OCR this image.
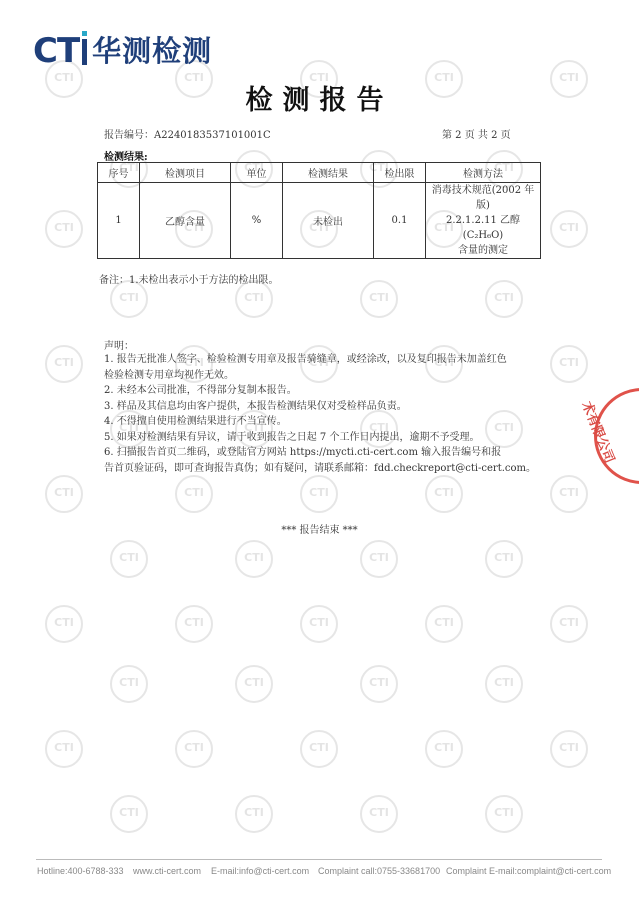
CTI
CTI
CTI
CTI
CTI
CTI
CTI
CTI
CTI
CTI
CTI
CTI
CTI
CTI
CTI
CTI
CTI
CTI
CTI
CTI
CTI
CTI
CTI
CTI
CTI
CTI
CTI
CTI
CTI
CTI
CTI
CTI
CTI
CTI
CTI
CTI
CTI
CTI
CTI
CTI
CTI
CTI
CTI
CTI
CTI
CTI
CTI
CTI
CTI
CTI
CTI
CTI
CTI
CTI
CT 华测检测
检测报告
报告编号：A2240183537101001C	第 2 页 共 2 页
检测结果:
序号	检测项目	单位	检测结果	检出限	检测方法
1	乙醇含量	%	未检出	0.1	消毒技术规范(2002 年
版)
2.2.1.2.11 乙醇(C₂H₆O)
含量的测定
备注：1.未检出表示小于方法的检出限。
声明：
1. 报告无批准人签字、检验检测专用章及报告骑缝章，或经涂改，以及复印报告未加盖红色
检验检测专用章均视作无效。
2. 未经本公司批准，不得部分复制本报告。
3. 样品及其信息均由客户提供，本报告检测结果仅对受检样品负责。
4. 不得擅自使用检测结果进行不当宣传。
5. 如果对检测结果有异议，请于收到报告之日起 7 个工作日内提出，逾期不予受理。
6. 扫描报告首页二维码，或登陆官方网站 https://mycti.cti-cert.com 输入报告编号和报
告首页验证码，即可查询报告真伪；如有疑问，请联系邮箱：fdd.checkreport@cti-cert.com。
*** 报告结束 ***
术有限公司
Hotline:400-6788-333 www.cti-cert.com E-mail:info@cti-cert.com Complaint call:0755-33681700 Complaint E-mail:complaint@cti-cert.com
